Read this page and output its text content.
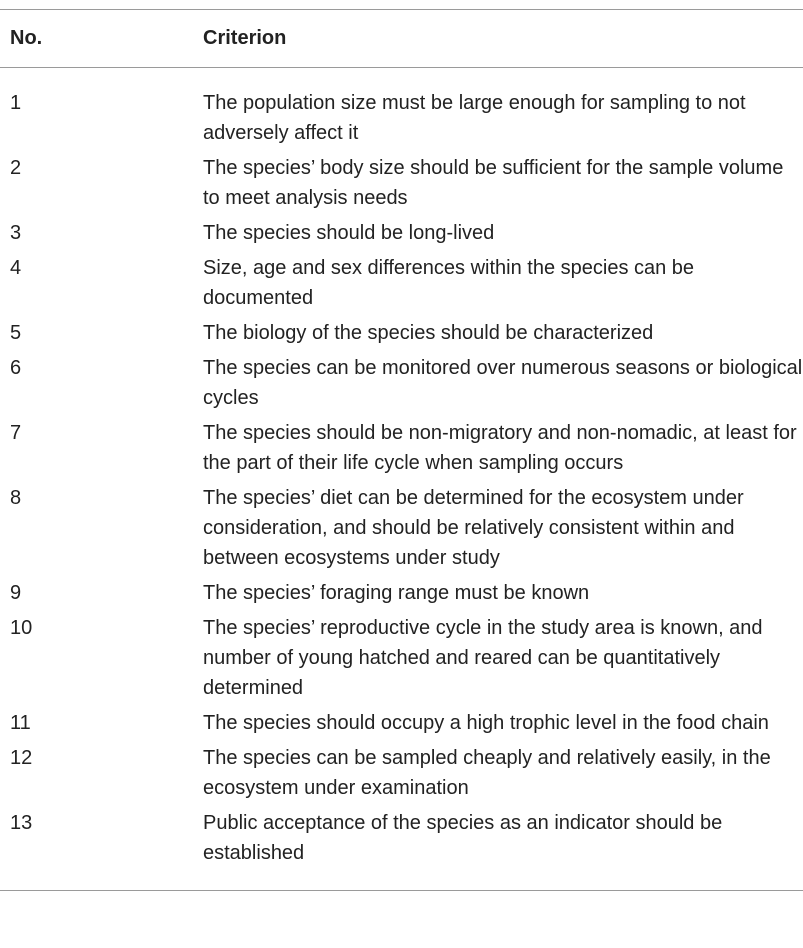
No.	Criterion
1	The population size must be large enough for sampling to not adversely affect it
2	The species’ body size should be sufficient for the sample volume to meet analysis needs
3	The species should be long-lived
4	Size, age and sex differences within the species can be documented
5	The biology of the species should be characterized
6	The species can be monitored over numerous seasons or biological cycles
7	The species should be non-migratory and non-nomadic, at least for the part of their life cycle when sampling occurs
8	The species’ diet can be determined for the ecosystem under consideration, and should be relatively consistent within and between ecosystems under study
9	The species’ foraging range must be known
10	The species’ reproductive cycle in the study area is known, and number of young hatched and reared can be quantitatively determined
11	The species should occupy a high trophic level in the food chain
12	The species can be sampled cheaply and relatively easily, in the ecosystem under examination
13	Public acceptance of the species as an indicator should be established
